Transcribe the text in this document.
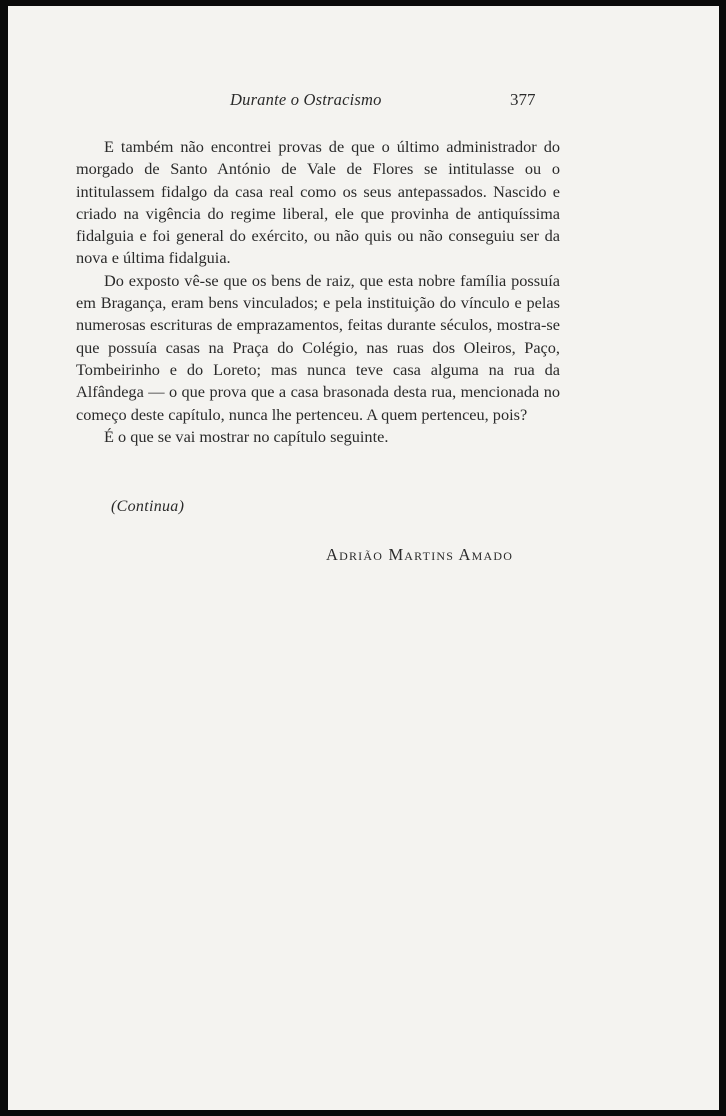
Durante o Ostracismo	377

E também não encontrei provas de que o último administrador do morgado de Santo António de Vale de Flores se intitulasse ou o intitulassem fidalgo da casa real como os seus antepassados. Nascido e criado na vigência do regime liberal, ele que provinha de antiquíssima fidalguia e foi general do exército, ou não quis ou não conseguiu ser da nova e última fidalguia.

Do exposto vê-se que os bens de raiz, que esta nobre família possuía em Bragança, eram bens vinculados; e pela instituição do vínculo e pelas numerosas escrituras de emprazamentos, feitas durante séculos, mostra-se que possuía casas na Praça do Colégio, nas ruas dos Oleiros, Paço, Tombeirinho e do Loreto; mas nunca teve casa alguma na rua da Alfândega — o que prova que a casa brasonada desta rua, mencionada no começo deste capítulo, nunca lhe pertenceu. A quem pertenceu, pois?

É o que se vai mostrar no capítulo seguinte.

(Continua)
Adrião Martins Amado
